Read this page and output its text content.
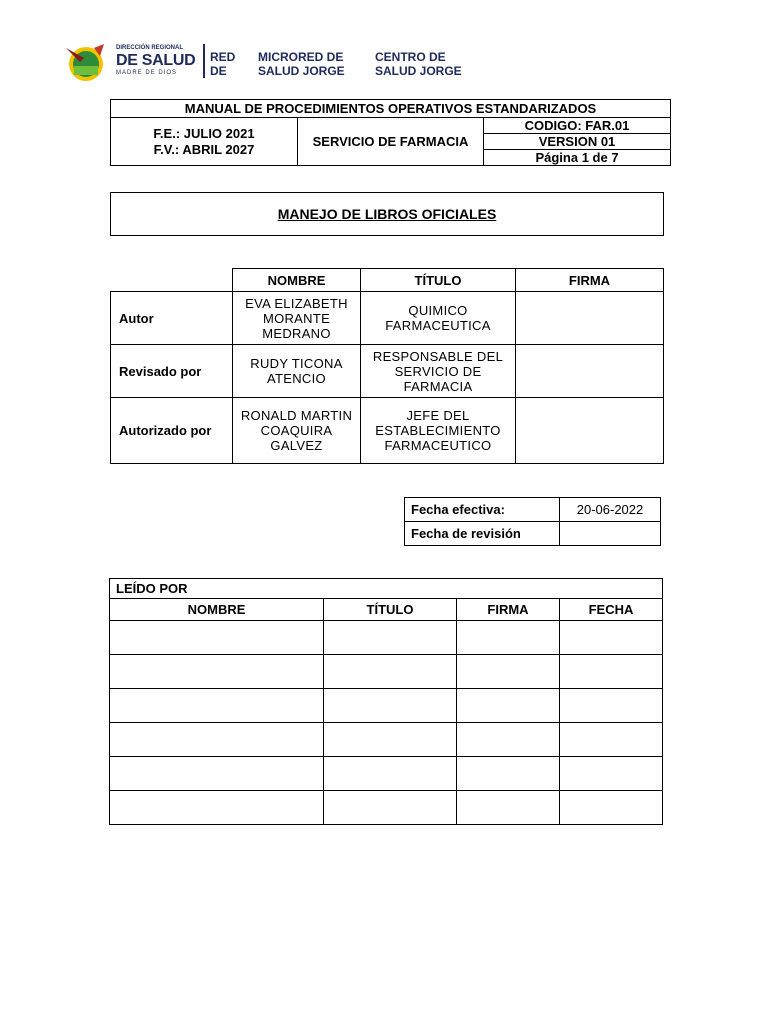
DIRECCIÓN REGIONAL
DE SALUD
MADRE DE DIOS
RED
DE
MICRORED DE
SALUD JORGE
CENTRO DE
SALUD JORGE
MANUAL DE PROCEDIMIENTOS OPERATIVOS ESTANDARIZADOS
F.E.: JULIO 2021
F.V.: ABRIL 2027	SERVICIO DE FARMACIA	CODIGO: FAR.01
VERSION 01
Página 1 de 7
MANEJO DE LIBROS OFICIALES
	NOMBRE	TÍTULO	FIRMA
Autor	EVA ELIZABETH MORANTE MEDRANO	QUIMICO FARMACEUTICA	
Revisado por	RUDY TICONA ATENCIO	RESPONSABLE DEL SERVICIO DE FARMACIA	
Autorizado por	RONALD MARTIN COAQUIRA GALVEZ	JEFE DEL ESTABLECIMIENTO FARMACEUTICO	
Fecha efectiva:	20-06-2022
Fecha de revisión	
LEÍDO POR			
NOMBRE	TÍTULO	FIRMA	FECHA
